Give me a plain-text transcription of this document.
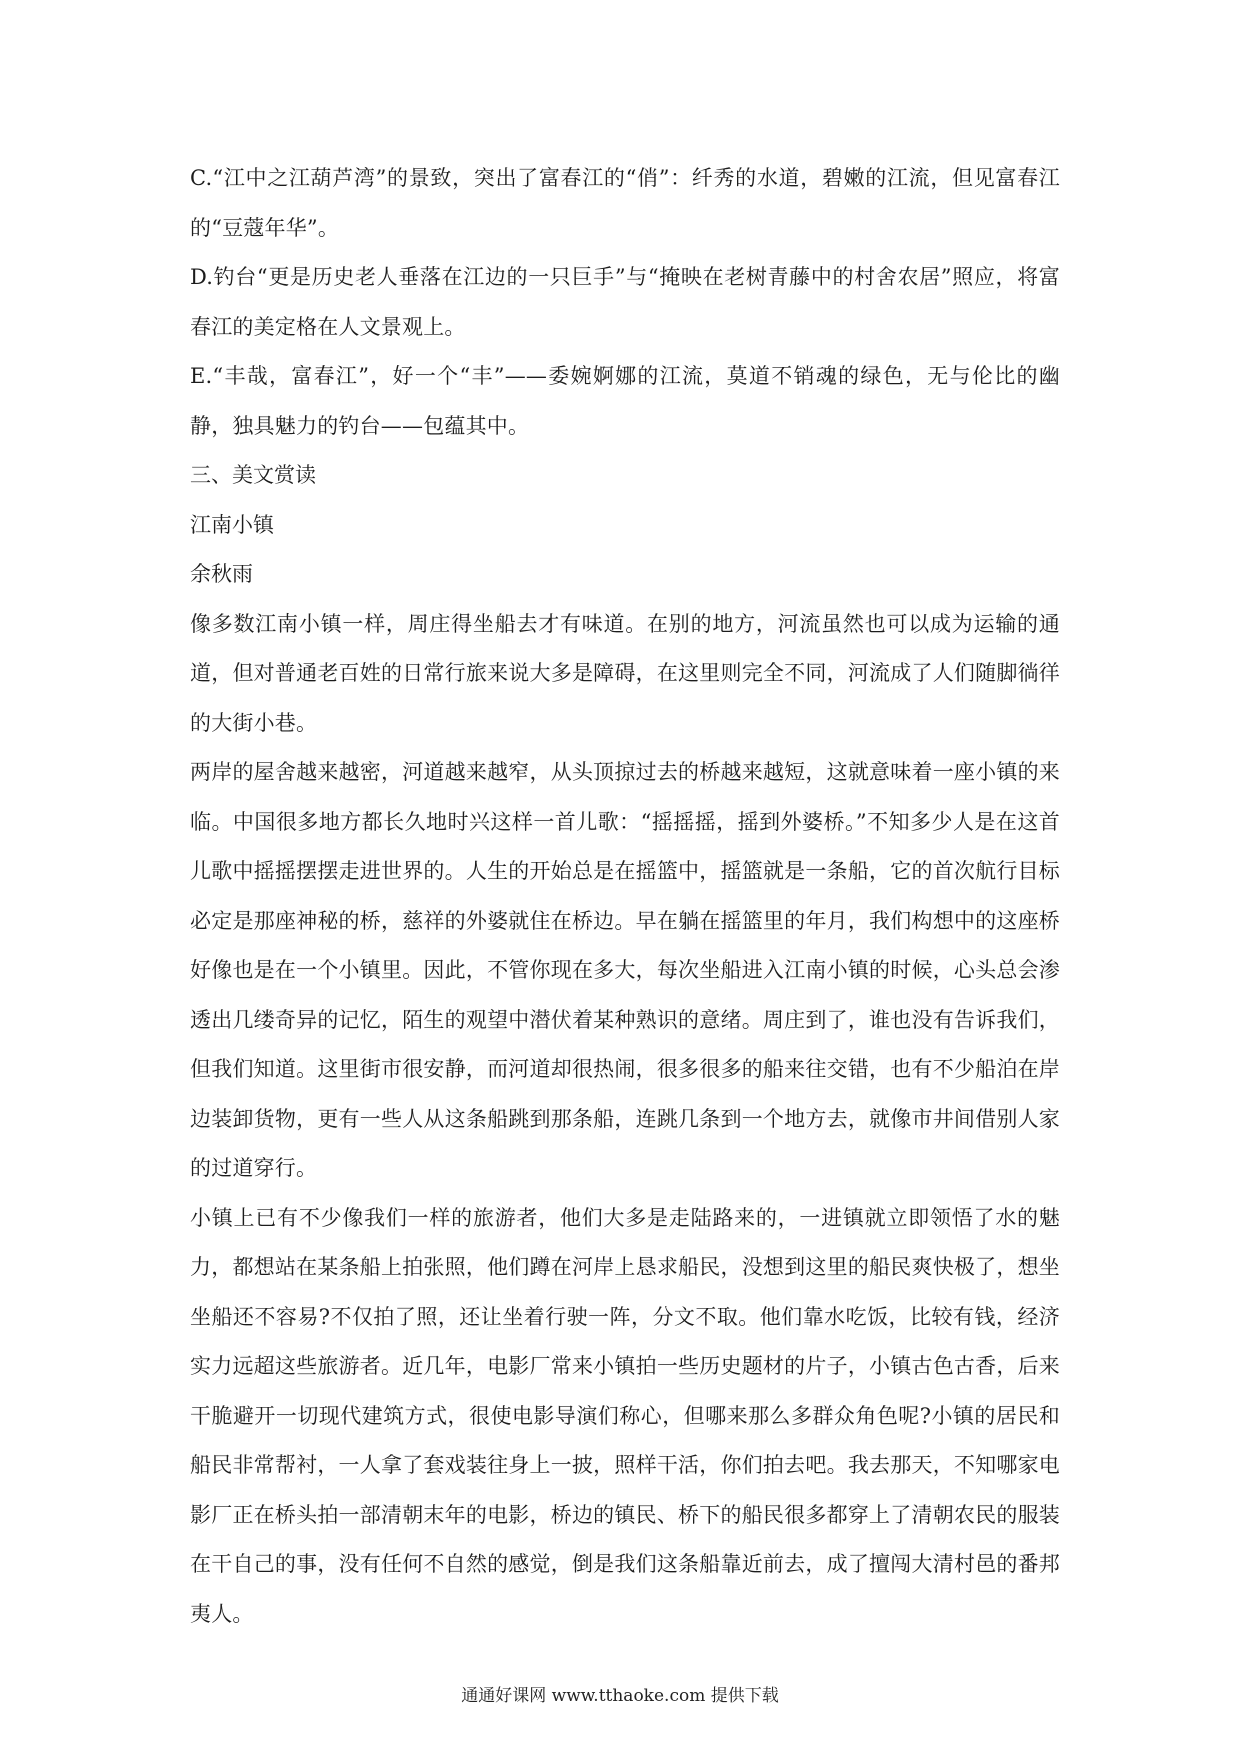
C.“江中之江葫芦湾”的景致，突出了富春江的“俏”：纤秀的水道，碧嫩的江流，但见富春江的“豆蔻年华”。

D.钓台“更是历史老人垂落在江边的一只巨手”与“掩映在老树青藤中的村舍农居”照应，将富春江的美定格在人文景观上。

E.“丰哉，富春江”，好一个“丰”——委婉婀娜的江流，莫道不销魂的绿色，无与伦比的幽静，独具魅力的钓台——包蕴其中。

三、美文赏读

江南小镇

余秋雨

像多数江南小镇一样，周庄得坐船去才有味道。在别的地方，河流虽然也可以成为运输的通道，但对普通老百姓的日常行旅来说大多是障碍，在这里则完全不同，河流成了人们随脚徜徉的大街小巷。

两岸的屋舍越来越密，河道越来越窄，从头顶掠过去的桥越来越短，这就意味着一座小镇的来临。中国很多地方都长久地时兴这样一首儿歌：“摇摇摇，摇到外婆桥。”不知多少人是在这首儿歌中摇摇摆摆走进世界的。人生的开始总是在摇篮中，摇篮就是一条船，它的首次航行目标必定是那座神秘的桥，慈祥的外婆就住在桥边。早在躺在摇篮里的年月，我们构想中的这座桥好像也是在一个小镇里。因此，不管你现在多大，每次坐船进入江南小镇的时候，心头总会渗透出几缕奇异的记忆，陌生的观望中潜伏着某种熟识的意绪。周庄到了，谁也没有告诉我们，但我们知道。这里街市很安静，而河道却很热闹，很多很多的船来往交错，也有不少船泊在岸边装卸货物，更有一些人从这条船跳到那条船，连跳几条到一个地方去，就像市井间借别人家的过道穿行。

小镇上已有不少像我们一样的旅游者，他们大多是走陆路来的，一进镇就立即领悟了水的魅力，都想站在某条船上拍张照，他们蹲在河岸上恳求船民，没想到这里的船民爽快极了，想坐坐船还不容易?不仅拍了照，还让坐着行驶一阵，分文不取。他们靠水吃饭，比较有钱，经济实力远超这些旅游者。近几年，电影厂常来小镇拍一些历史题材的片子，小镇古色古香，后来干脆避开一切现代建筑方式，很使电影导演们称心，但哪来那么多群众角色呢?小镇的居民和船民非常帮衬，一人拿了套戏装往身上一披，照样干活，你们拍去吧。我去那天，不知哪家电影厂正在桥头拍一部清朝末年的电影，桥边的镇民、桥下的船民很多都穿上了清朝农民的服装在干自己的事，没有任何不自然的感觉，倒是我们这条船靠近前去，成了擅闯大清村邑的番邦夷人。

通通好课网 www.tthaoke.com 提供下载
